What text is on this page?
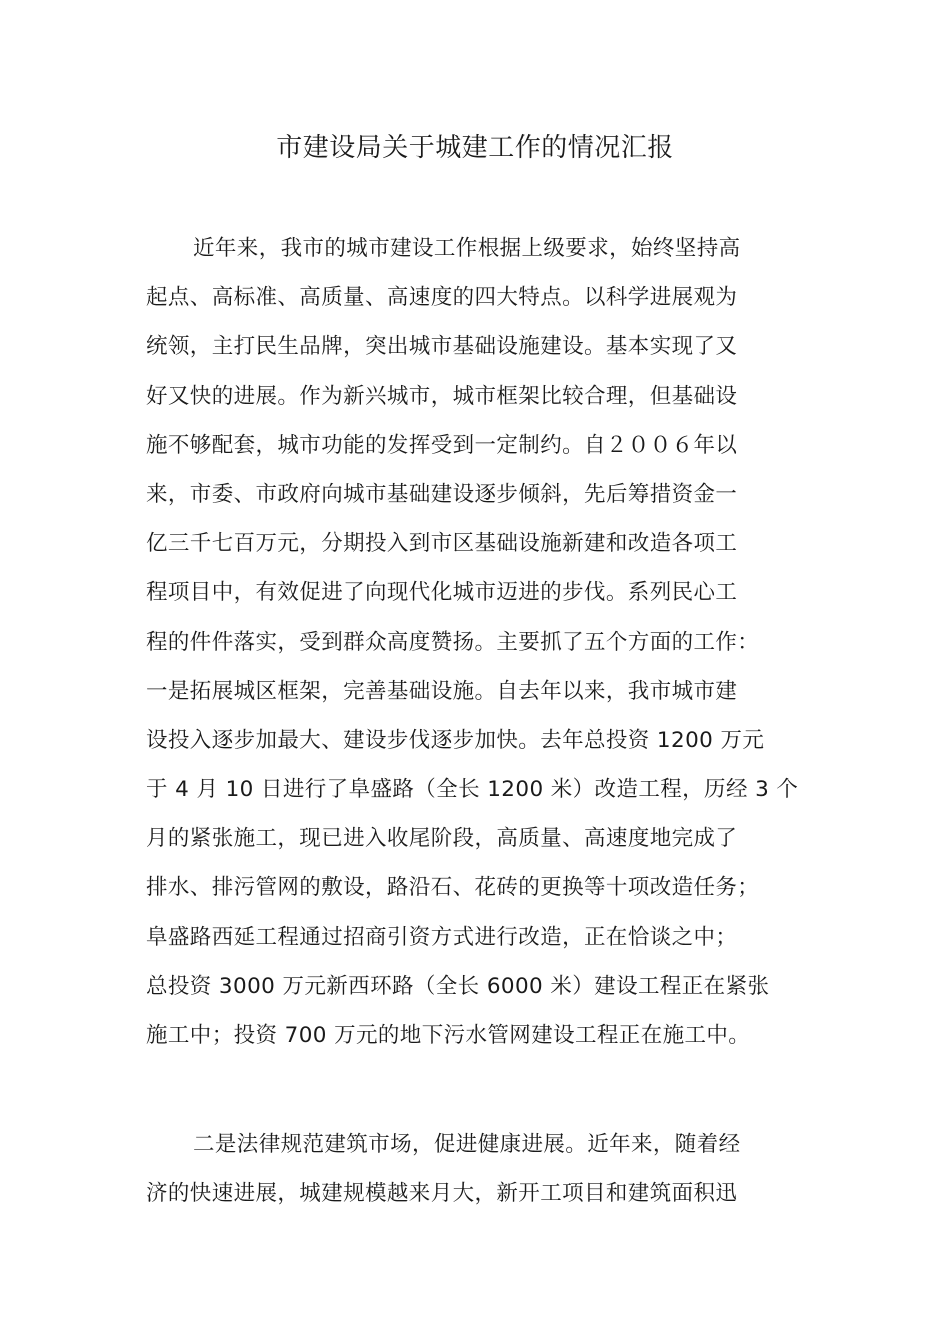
市建设局关于城建工作的情况汇报
近年来，我市的城市建设工作根据上级要求，始终坚持高
起点、高标准、高质量、高速度的四大特点。以科学进展观为
统领，主打民生品牌，突出城市基础设施建设。基本实现了又
好又快的进展。作为新兴城市，城市框架比较合理，但基础设
施不够配套，城市功能的发挥受到一定制约。自２００６年以
来，市委、市政府向城市基础建设逐步倾斜，先后筹措资金一
亿三千七百万元，分期投入到市区基础设施新建和改造各项工
程项目中，有效促进了向现代化城市迈进的步伐。系列民心工
程的件件落实，受到群众高度赞扬。主要抓了五个方面的工作：
一是拓展城区框架，完善基础设施。自去年以来，我市城市建
设投入逐步加最大、建设步伐逐步加快。去年总投资 1200 万元
于 4 月 10 日进行了阜盛路（全长 1200 米）改造工程，历经 3 个
月的紧张施工，现已进入收尾阶段，高质量、高速度地完成了
排水、排污管网的敷设，路沿石、花砖的更换等十项改造任务；
阜盛路西延工程通过招商引资方式进行改造，正在恰谈之中；
总投资 3000 万元新西环路（全长 6000 米）建设工程正在紧张
施工中；投资 700 万元的地下污水管网建设工程正在施工中。
二是法律规范建筑市场，促进健康进展。近年来，随着经
济的快速进展，城建规模越来月大，新开工项目和建筑面积迅
